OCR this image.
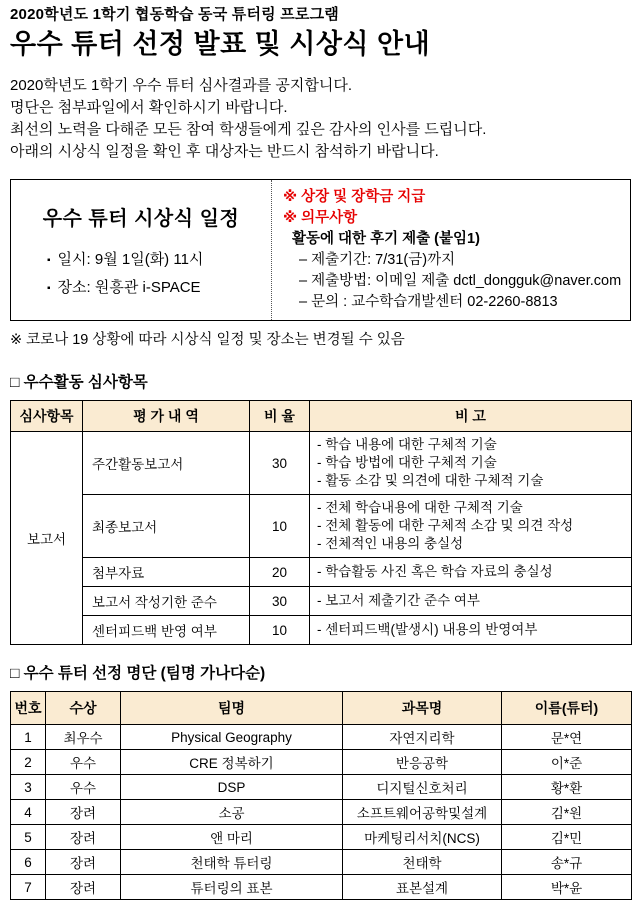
2020학년도 1학기 협동학습 동국 튜터링 프로그램
우수 튜터 선정 발표 및 시상식 안내
2020학년도 1학기 우수 튜터 심사결과를 공지합니다.
명단은 첨부파일에서 확인하시기 바랍니다.
최선의 노력을 다해준 모든 참여 학생들에게 깊은 감사의 인사를 드립니다.
아래의 시상식 일정을 확인 후 대상자는 반드시 참석하기 바랍니다.
우수 튜터 시상식 일정
▪ 일시: 9월 1일(화) 11시
▪ 장소: 원흥관 i-SPACE
※ 상장 및 장학금 지급
※ 의무사항
활동에 대한 후기 제출 (붙임1)
– 제출기간: 7/31(금)까지
– 제출방법: 이메일 제출 dctl_dongguk@naver.com
– 문의 : 교수학습개발센터 02-2260-8813
※ 코로나 19 상황에 따라 시상식 일정 및 장소는 변경될 수 있음
□ 우수활동 심사항목
심사항목	평 가 내 역	비 율	비 고
보고서	주간활동보고서	30	- 학습 내용에 대한 구체적 기술
- 학습 방법에 대한 구체적 기술
- 활동 소감 및 의견에 대한 구체적 기술

	최종보고서	10	- 전체 학습내용에 대한 구체적 기술
- 전체 활동에 대한 구체적 소감 및 의견 작성
- 전체적인 내용의 충실성

	첨부자료	20	- 학습활동 사진 혹은 학습 자료의 충실성

	보고서 작성기한 준수	30	- 보고서 제출기간 준수 여부

	센터피드백 반영 여부	10	- 센터피드백(발생시) 내용의 반영여부
□ 우수 튜터 선정 명단 (팀명 가나다순)
번호	수상	팀명	과목명	이름(튜터)
1	최우수	Physical Geography	자연지리학	문*연
2	우수	CRE 정복하기	반응공학	이*준
3	우수	DSP	디지털신호처리	황*환
4	장려	소공	소프트웨어공학및설계	김*원
5	장려	앤 마리	마케팅리서치(NCS)	김*민
6	장려	천태학 튜터링	천태학	송*규
7	장려	튜터링의 표본	표본설계	박*윤
